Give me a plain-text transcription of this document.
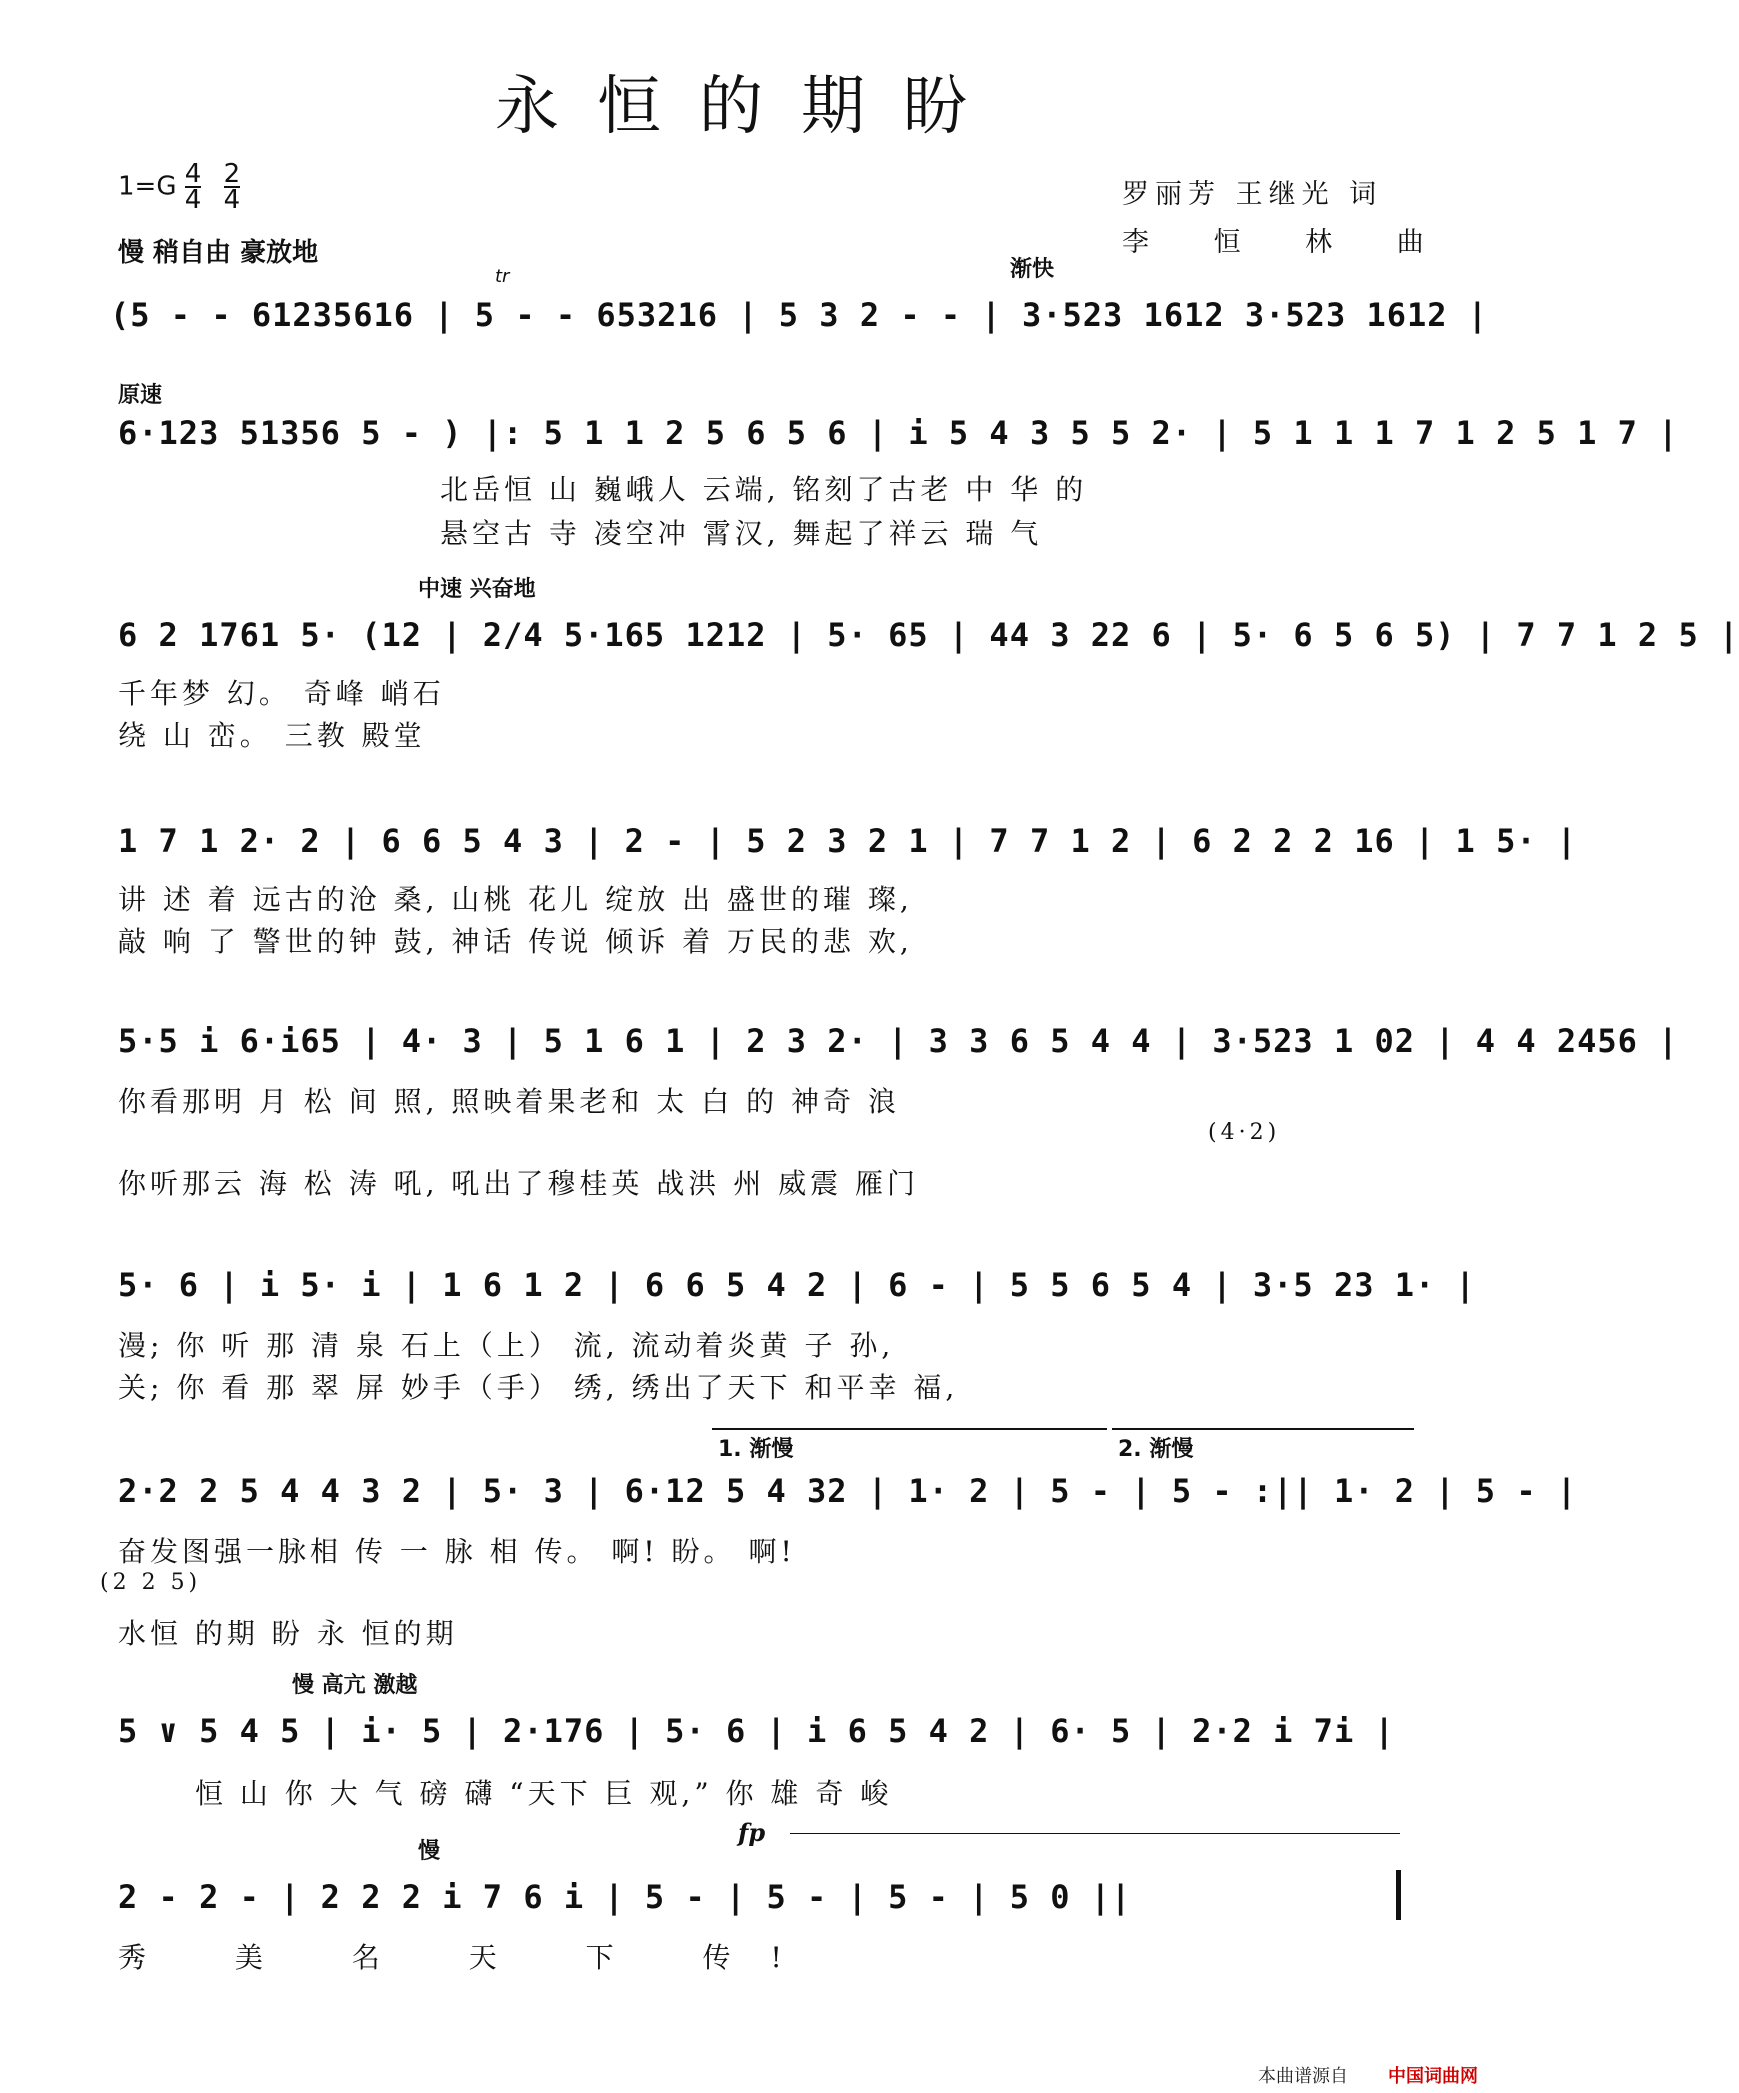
永恒的期盼
$1=G \frac{4}{4} \frac{2}{4}$
慢 稍自由 豪放地
罗丽芳 王继光 词
李 恒 林 曲
渐快
tr
(5 - - 61235616 | 5 - - 653216 | 5 3 2 - - | 3·523 1612 3·523 1612 |
原速
6·123 51356 5 - ) |: 5 1 1 2 5 6 5 6 | i 5 4 3 5 5 2· | 5 1 1 1 7 1 2 5 1 7 |
北岳恒 山 巍峨人 云端, 铭刻了古老 中 华 的
悬空古 寺 凌空冲 霄汉, 舞起了祥云 瑞 气
中速 兴奋地
6 2 1761 5· (12 | 2/4 5·165 1212 | 5· 65 | 44 3 22 6 | 5· 6 5 6 5) | 7 7 1 2 5 |
千年梦 幻。 奇峰 峭石
绕 山 峦。 三教 殿堂
1 7 1 2· 2 | 6 6 5 4 3 | 2 - | 5 2 3 2 1 | 7 7 1 2 | 6 2 2 2 16 | 1 5· |
讲 述 着 远古的沧 桑, 山桃 花儿 绽放 出 盛世的璀 璨,
敲 响 了 警世的钟 鼓, 神话 传说 倾诉 着 万民的悲 欢,
5·5 i 6·i65 | 4· 3 | 5 1 6 1 | 2 3 2· | 3 3 6 5 4 4 | 3·523 1 02 | 4 4 2456 |
你看那明 月 松 间 照, 照映着果老和 太 白 的 神奇 浪
(4·2)
你听那云 海 松 涛 吼, 吼出了穆桂英 战洪 州 威震 雁门
5· 6 | i 5· i | 1 6 1 2 | 6 6 5 4 2 | 6 - | 5 5 6 5 4 | 3·5 23 1· |
漫; 你 听 那 清 泉 石上（上） 流, 流动着炎黄 子 孙,
关; 你 看 那 翠 屏 妙手（手） 绣, 绣出了天下 和平幸 福,
1. 渐慢	2. 渐慢
2·2 2 5 4 4 3 2 | 5· 3 | 6·12 5 4 32 | 1· 2 | 5 - | 5 - :|| 1· 2 | 5 - |
奋发图强一脉相 传 一 脉 相 传。 啊! 盼。 啊!
(2 2 5)
水恒 的期 盼 永 恒的期
慢 高亢 激越
5 ∨ 5 4 5 | i· 5 | 2·176 | 5· 6 | i 6 5 4 2 | 6· 5 | 2·2 i 7i |
恒 山 你 大 气 磅 礴 “天下 巨 观,” 你 雄 奇 峻
慢
fp
2 - 2 - | 2 2 2 i 7 6 i | 5 - | 5 - | 5 - | 5 0 ||
秀 美 名 天 下 传!
本曲谱源自 中国词曲网
